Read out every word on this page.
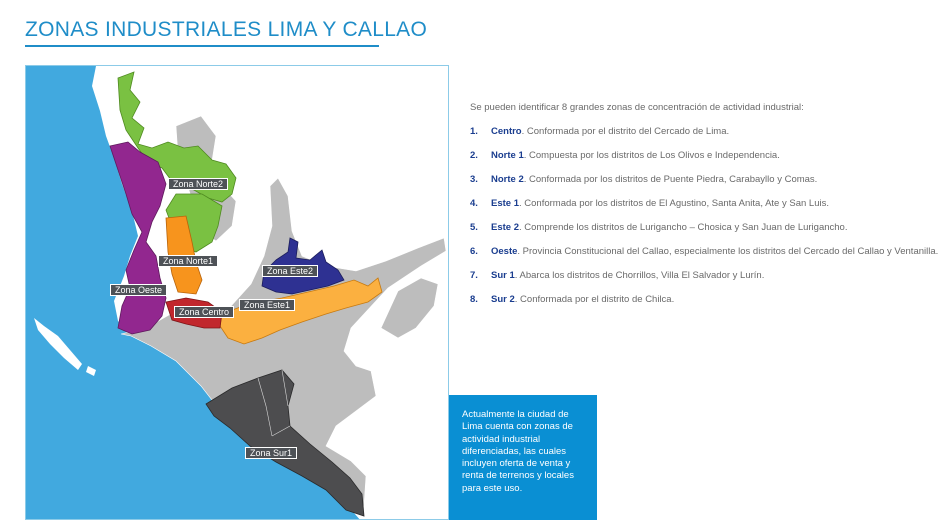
ZONAS INDUSTRIALES LIMA Y CALLAO
Zona Norte2
Zona Norte1
Zona Este2
Zona Oeste
Zona Este1
Zona Centro
Zona Sur1
Se pueden identificar 8 grandes zonas de concentración de actividad industrial:
1. Centro. Conformada por el distrito del Cercado de Lima.
2. Norte 1. Compuesta por los distritos de Los Olivos e Independencia.
3. Norte 2. Conformada por los distritos de Puente Piedra, Carabayllo y Comas.
4. Este 1. Conformada por los distritos de El Agustino, Santa Anita, Ate y San Luis.
5. Este 2. Comprende los distritos de Lurigancho – Chosica y San Juan de Lurigancho.
6. Oeste. Provincia Constitucional del Callao, especialmente los distritos del Cercado del Callao y Ventanilla.
7. Sur 1. Abarca los distritos de Chorrillos, Villa El Salvador y Lurín.
8. Sur 2. Conformada por el distrito de Chilca.
Actualmente la ciudad de Lima cuenta con zonas de actividad industrial diferenciadas, las cuales incluyen oferta de venta y renta de terrenos y locales para este uso.
